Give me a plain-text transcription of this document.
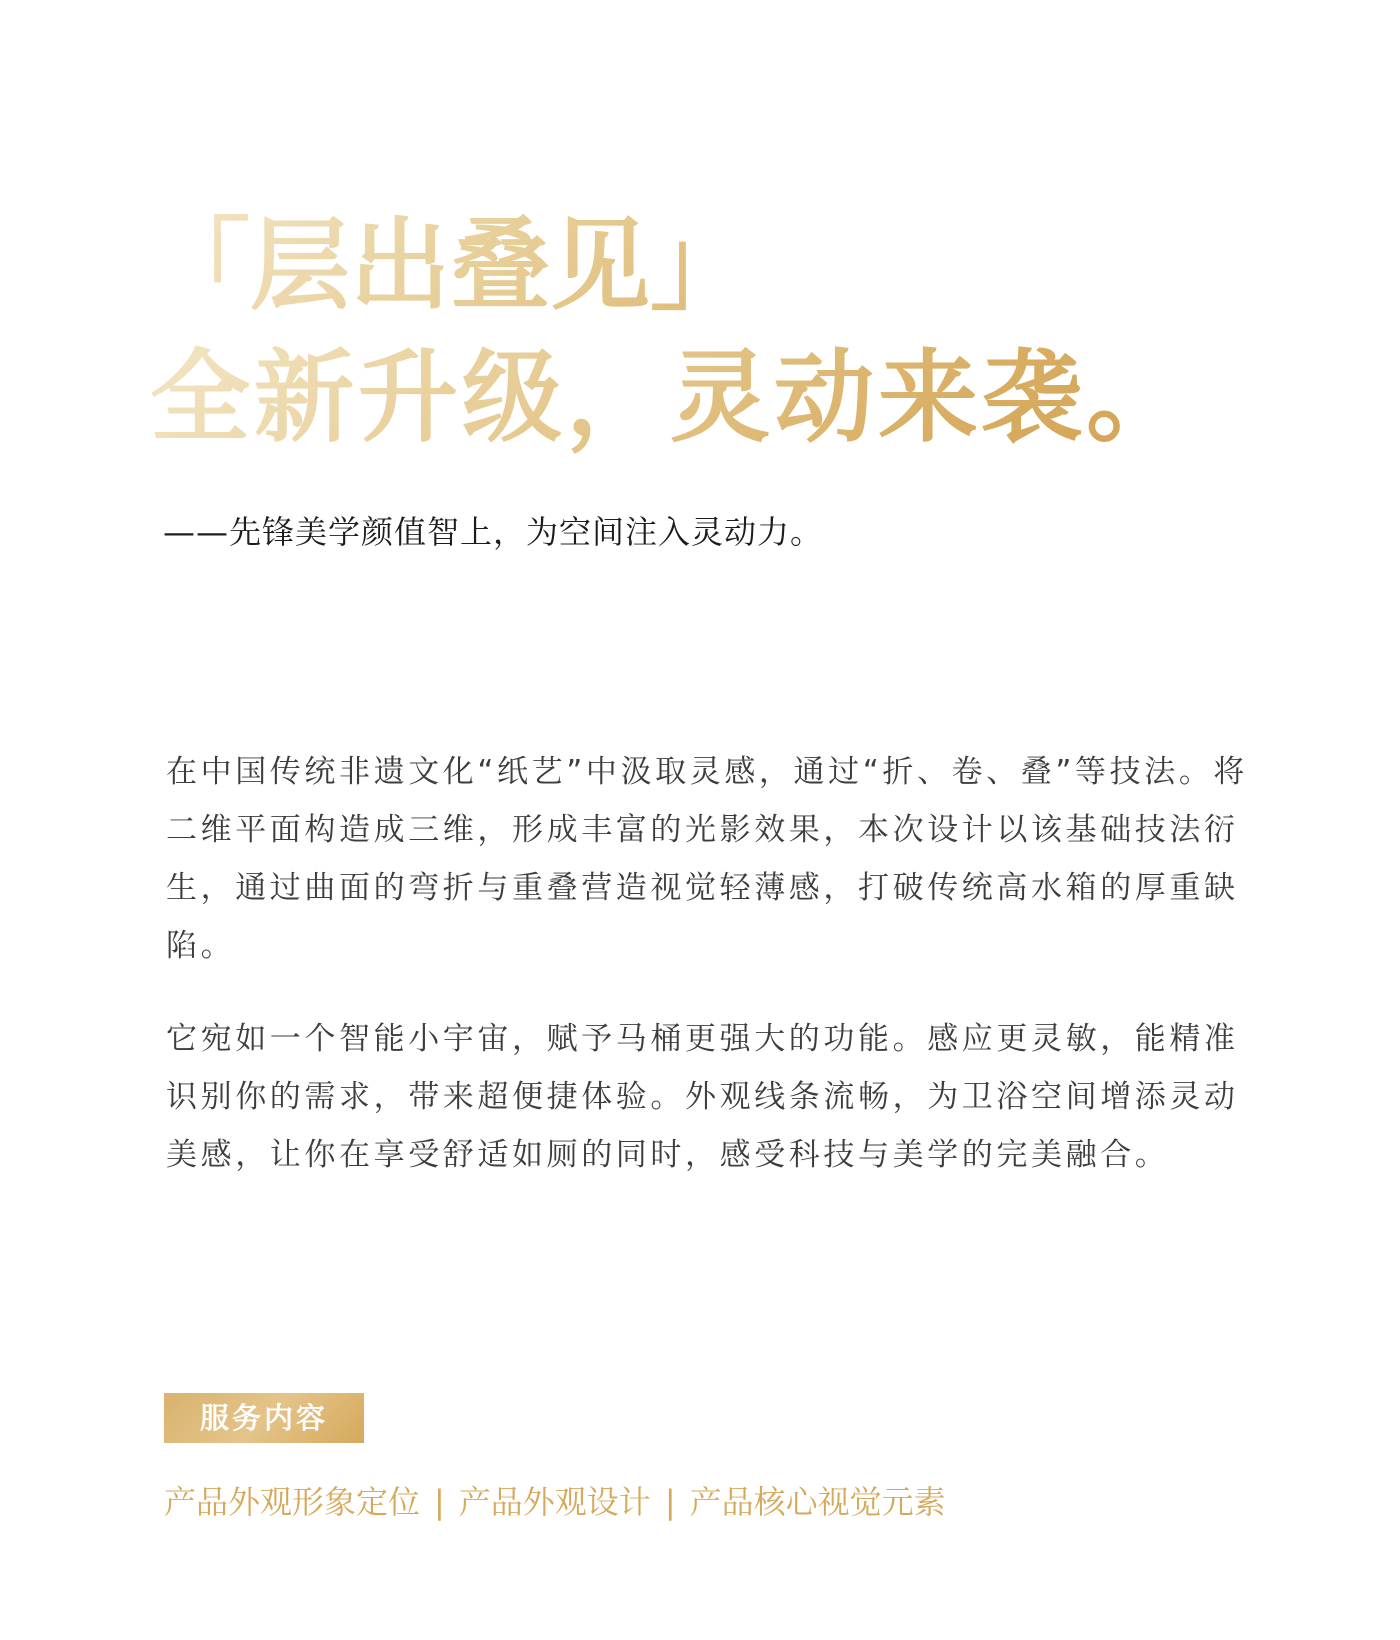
「层出叠见」
全新升级，灵动来袭。
——先锋美学颜值智上，为空间注入灵动力。

在中国传统非遗文化“纸艺”中汲取灵感，通过“折、卷、叠”等技法。将二维平面构造成三维，形成丰富的光影效果，本次设计以该基础技法衍生，通过曲面的弯折与重叠营造视觉轻薄感，打破传统高水箱的厚重缺陷。

它宛如一个智能小宇宙，赋予马桶更强大的功能。感应更灵敏，能精准识别你的需求，带来超便捷体验。外观线条流畅，为卫浴空间增添灵动美感，让你在享受舒适如厕的同时，感受科技与美学的完美融合。

服务内容
产品外观形象定位 | 产品外观设计 | 产品核心视觉元素
